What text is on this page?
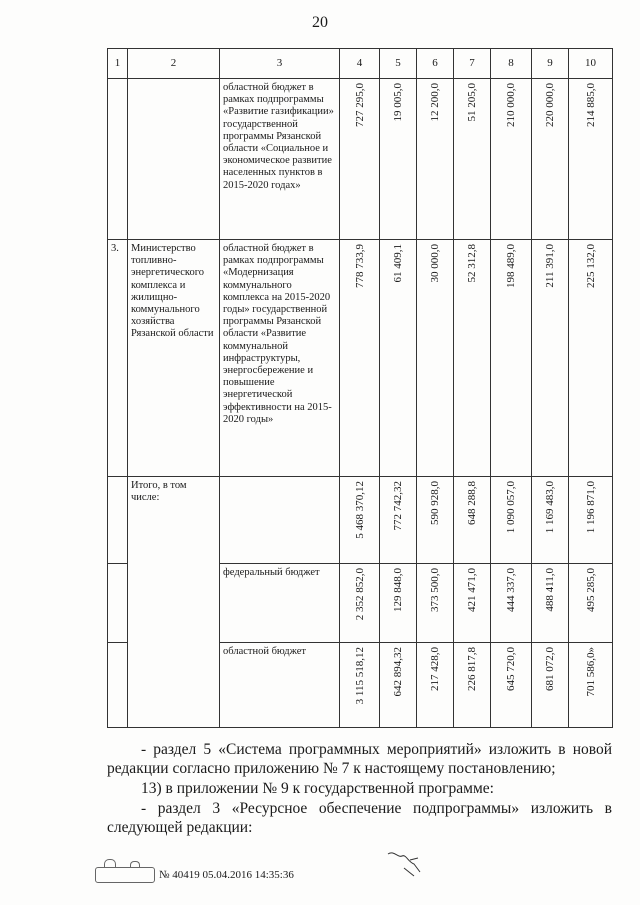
20
1	2	3	4	5	6	7	8	9	10

		областной бюджет в рамках подпрограммы «Развитие газификации» государственной программы Рязанской области «Социальное и экономическое развитие населенных пунктов в 2015-2020 годах»	727 295,0	19 005,0	12 200,0	51 205,0	210 000,0	220 000,0	214 885,0

3.	Министерство топливно-энергетического комплекса и жилищно-коммунального хозяйства Рязанской области	областной бюджет в рамках подпрограммы «Модернизация коммунального комплекса на 2015-2020 годы» государственной программы Рязанской области «Развитие коммунальной инфраструктуры, энергосбережение и повышение энергетической эффективности на 2015-2020 годы»	778 733,9	61 409,1	30 000,0	52 312,8	198 489,0	211 391,0	225 132,0

	Итого, в том числе:		5 468 370,12	772 742,32	590 928,0	648 288,8	1 090 057,0	1 169 483,0	1 196 871,0

		федеральный бюджет	2 352 852,0	129 848,0	373 500,0	421 471,0	444 337,0	488 411,0	495 285,0

		областной бюджет	3 115 518,12	642 894,32	217 428,0	226 817,8	645 720,0	681 072,0	701 586,0»
- раздел 5 «Система программных мероприятий» изложить в новой редакции согласно приложению № 7 к настоящему постановлению;
13) в приложении № 9 к государственной программе:
- раздел 3 «Ресурсное обеспечение подпрограммы» изложить в следующей редакции:
№ 40419 05.04.2016 14:35:36
